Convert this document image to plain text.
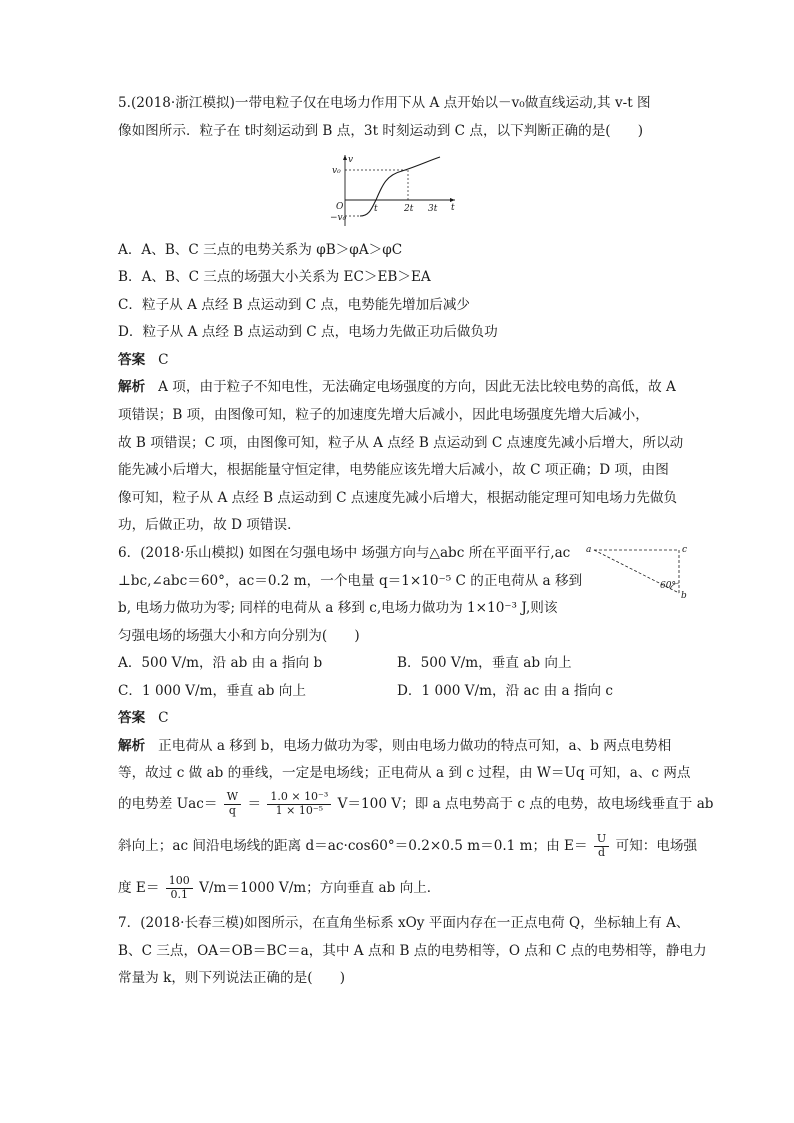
5.(2018·浙江模拟)一带电粒子仅在电场力作用下从 A 点开始以－v₀做直线运动,其 v-t 图
像如图所示．粒子在 t时刻运动到 B 点，3t 时刻运动到 C 点，以下判断正确的是(　　)
v
t
O
v₀
−v₀
t	2t 3t
A．A、B、C 三点的电势关系为 φB＞φA＞φC
B．A、B、C 三点的场强大小关系为 EC＞EB＞EA
C．粒子从 A 点经 B 点运动到 C 点，电势能先增加后减少
D．粒子从 A 点经 B 点运动到 C 点，电场力先做正功后做负功
答案 C
解析 A 项，由于粒子不知电性，无法确定电场强度的方向，因此无法比较电势的高低，故 A
项错误；B 项，由图像可知，粒子的加速度先增大后减小，因此电场强度先增大后减小，
故 B 项错误；C 项，由图像可知，粒子从 A 点经 B 点运动到 C 点速度先减小后增大，所以动
能先减小后增大，根据能量守恒定律，电势能应该先增大后减小，故 C 项正确；D 项，由图
像可知，粒子从 A 点经 B 点运动到 C 点速度先减小后增大，根据动能定理可知电场力先做负
功，后做正功，故 D 项错误．
6．(2018·乐山模拟) 如图在匀强电场中 场强方向与△abc 所在平面平行,ac
⊥bc,∠abc＝60°，ac＝0.2 m，一个电量 q＝1×10⁻⁵ C 的正电荷从 a 移到
b, 电场力做功为零; 同样的电荷从 a 移到 c,电场力做功为 1×10⁻³ J,则该
匀强电场的场强大小和方向分别为(　　)
a	c
b
60°
A．500 V/m，沿 ab 由 a 指向 b	B．500 V/m，垂直 ab 向上
C．1 000 V/m，垂直 ab 向上	D．1 000 V/m，沿 ac 由 a 指向 c
答案 C
解析 正电荷从 a 移到 b，电场力做功为零，则由电场力做功的特点可知，a、b 两点电势相
等，故过 c 做 ab 的垂线，一定是电场线；正电荷从 a 到 c 过程，由 W＝Uq 可知，a、c 两点
的电势差 $Uac= \frac{W}{q} = \frac{\text{1.0 × 10⁻³}}{\text{1 × 10⁻⁵}} V=100$ V；即 a 点电势高于 c 点的电势，故电场线垂直于 ab
斜向上；ac 间沿电场线的距离 d＝ac·cos60°＝0.2×0.5 m＝0.1 m；由 $E= \frac{U}{d}$ 可知：电场强
度 $E= \frac{100}{0.1} V/m=1000$ V/m；方向垂直 ab 向上．
7．(2018·长春三模)如图所示，在直角坐标系 xOy 平面内存在一正点电荷 Q，坐标轴上有 A、
B、C 三点，OA＝OB＝BC＝a，其中 A 点和 B 点的电势相等，O 点和 C 点的电势相等，静电力
常量为 k，则下列说法正确的是(　　)
